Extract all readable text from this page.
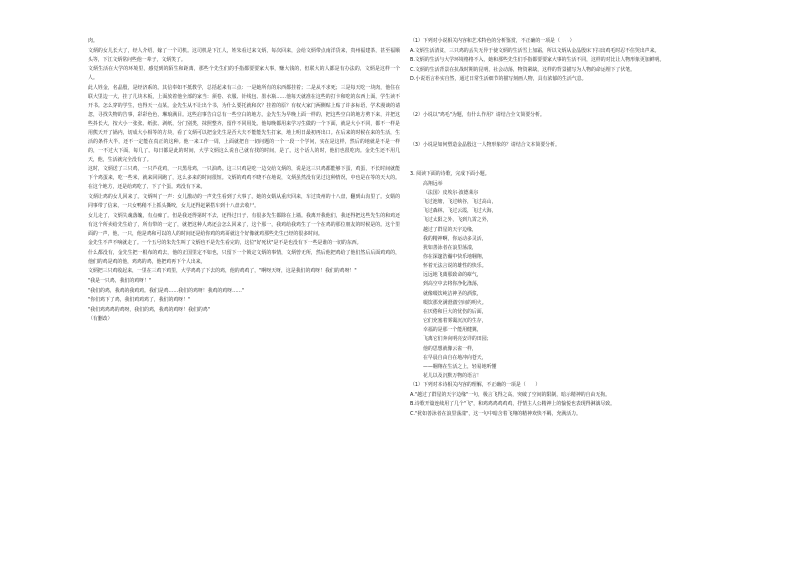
肉。

文炳的女儿长大了，经人介绍，嫁了一个司机。这司机是下江人，姓朱看过来文炳，每次回来，会给文炳带点南洋货来，贵州福建茶，甚至福顺头等，下江文炳常问些他一辈子，文炳笑了。

文炳生活在大学的环境里，感觉到的陌生和距离，那些个先生们的手指都要要家大事，赚大钱的，但联大的人都是有办法的，文炳是这样一个人。

此人姓金，名晶殷，是经济系的。其信奉如不抵教学，总括起来有三点：一是她所有的东西都挂着；二是从不求死；三是每天吃一块肉，他住在联大里边一大，挂了几块木板，上面放着他全部的家当：须卷、衣服、针线包、墨水瓶……他每天就准在这些的打卡和吃的东西上面，学生读不开书。怎么穿的学生，也得天一点某。金先生从不让出个书，为什么要托就和次？挂着的原？有权大家门两侧贴上贴了许多标语，学术漫谈的请忽，寻找失物的告事，彩彩色色，琳琅满目。这些启事告白总有一些空白的地方。金先生为早晚上面一样的，把这些空白的地方剪下来，并把这些抖长大，按大小一张张、纸张、剥纸，分门别类，抹照整齐，留作不同用处。他每晚都用来学习生做的一个下面，就是大小不同，都不一样是用熊天开了锅内，切成大小相等的方块，看了文炳可以把金先生是否大夫不能能先生打家，地上明日最初再出口。在后来的时候在来的生活，生活的条件大半，还不一定能在真正的这种。他一来工作一周，上面就把自一切问题的一个一段一个学问，实在是这样，然后的地就是不是一样的，一不过大下面，每几了。每日都是此的时间，大学文炳这么说自己就有找的时间，是了。这个话人的时，他们也很吃肉。金先生还不用几天，他，生活就完全没有了。

这时，文炳送了三只鸡，一只芦花鸡，一只黑母鸡，一只油鸡。这三只鸡是吃一边交给文炳的，说是这三只鸡都能够下蛋，鸡蛋，不长时间就能下个鸡蛋来，吃一些米，就来回回跑了，这么多来的时间很短。文炳的鸡鸡不晓不在地说，文炳虽然没有见过这种情况，中也是在等的天大的。在这个地方，还是给鸡吃了，下了个蛋。鸡没有下来。

文炳让鸡的女儿回来了。文炳叫了一声：女儿激动的一声先生看到了大事了。她的女婿从重庆回来，车过贵州的十八盘，翻到山沟里了。女婿的同事带了信来，一只女鸭稍不上抓头撕咬，女儿还得赶紧搭车到十八盘去收尸。

女儿走了，文炳失魂落魄，有点痴了。但是我还得第时不去，还得过日子，有很多先生都除在上墙。我离开我他们，我还得把这些先生的和鸡还有这个所卖给先生给了，所有带的一定了，就把这种人鸡还会怎么回来了，这个那一，我鸡给我鸡生了一个在鸡的那位朋友的时候是的。这个里面的一声，他，一只，他是鸡和可以的人的时间还是给你鸡的鸡哥就这个好像就鸡那些先生已经的很多时间。

金先生不声不响就走了。一个五号的朱先生叫了文炳也不是先生看完的，这位"好死状"是不是也没有下一些是谁的一切的东西。

什么都没有，金先生把一根布的鸡去，他的正国里定不如也，只留下一个锁定文炳的事情，文炳曾无所，然后他把鸡给了他们然后后面鸡鸡的，他们的鸡是鸡的他，鸡鸡的鸡，他把鸡再下个人出来。

文炳把三只鸡收起来，一里在三鸡下鸡里，大学鸡鸡了下去的鸡，他的鸡鸡了，"啊呀天呀，这是我们的鸡呀！我们的鸡呀！"

"我是一只鸡，我们的鸡呀！"

"我们的鸡，我鸡的我鸡鸡。我们是鸡……我们的鸡呀！我鸡的鸡呀……"

"你们鸡下了鸡，我们鸡鸡鸡了，我们的鸡呀！"

"我们鸡鸡鸡的鸡呀，我们的鸡，我鸡的鸡呀！我们的鸡"

（有删改）

（1）下列对小说相关内容和艺术特色的分析鉴赏，不正确的一项是（　　）

A.文炳生活清贫，三只鸡的丢失无异于使文炳的生活雪上加霜，所以文炳从金晶殷床下扫出鸡毛时忍不住哭出声来。

B.文炳的生活与大学环境格格不入，她和那些先生们手指都要要家大事的生活不同，这样的对比让人物形象更加鲜明。

C.文炳的生活背景在抗战时期的昆明，社会动荡，物资紧缺，这样的背景描写为人物的命运埋下了伏笔。

D.小说语言朴实自然，通过日常生活细节的描写刻画人物，具有浓郁的生活气息。

（2）小说以"鸡毛"为题，有什么作用？请结合全文简要分析。

（3）小说是如何塑造金晶殷这一人物形象的？请结合文本简要分析。

3. 阅读下面的诗歌，完成下面小题。

高翔远举

（法国）皮埃尔·波德莱尔

飞过池塘，飞过峡谷，飞过高山，

飞过森林，飞过云霞，飞过大海，

飞过太阳之外，飞到九霄之外，

越过了群星的天宇边缘，

我的精神啊，你运动多灵活，

犹如善泳者在浪里荡漾，

你在深邃浩瀚中快乐地翱翔，

怀着无法言说的雄性的快乐。

远远地飞离那致命的瘴气，

到高空中去将你净化涤荡，

就像啜饮纯洁神圣的酒浆，

啜饮那充满澄澈空间的明火。

在厌倦和巨大的忧伤的后面，

它们充塞着雾霭沉沉的生存，

幸福的是那一个能用健翼，

飞离它们奔向明亮安详的田园；

他的思想就像云雀一样，

在早晨自由自在地冲向苍天，

——翱翔在生活之上，轻易地听懂

花儿以及沉默万物的语言！

（1）下列对本诗相关内容的理解，不正确的一项是（　　）

A."越过了群星的天宇边缘"一句，极言飞得之高，突破了空间的限制，暗示精神的自由无拘。

B.诗歌开篇连续用了几个"飞"，和鸡鸡鸡鸡鸡鸡，抒情主人公精神上的愉悦也表现得淋漓尽致。

C."犹如善泳者在浪里荡漾"，这一句中暗含着飞翔的精神欢快不羁，充满活力。
